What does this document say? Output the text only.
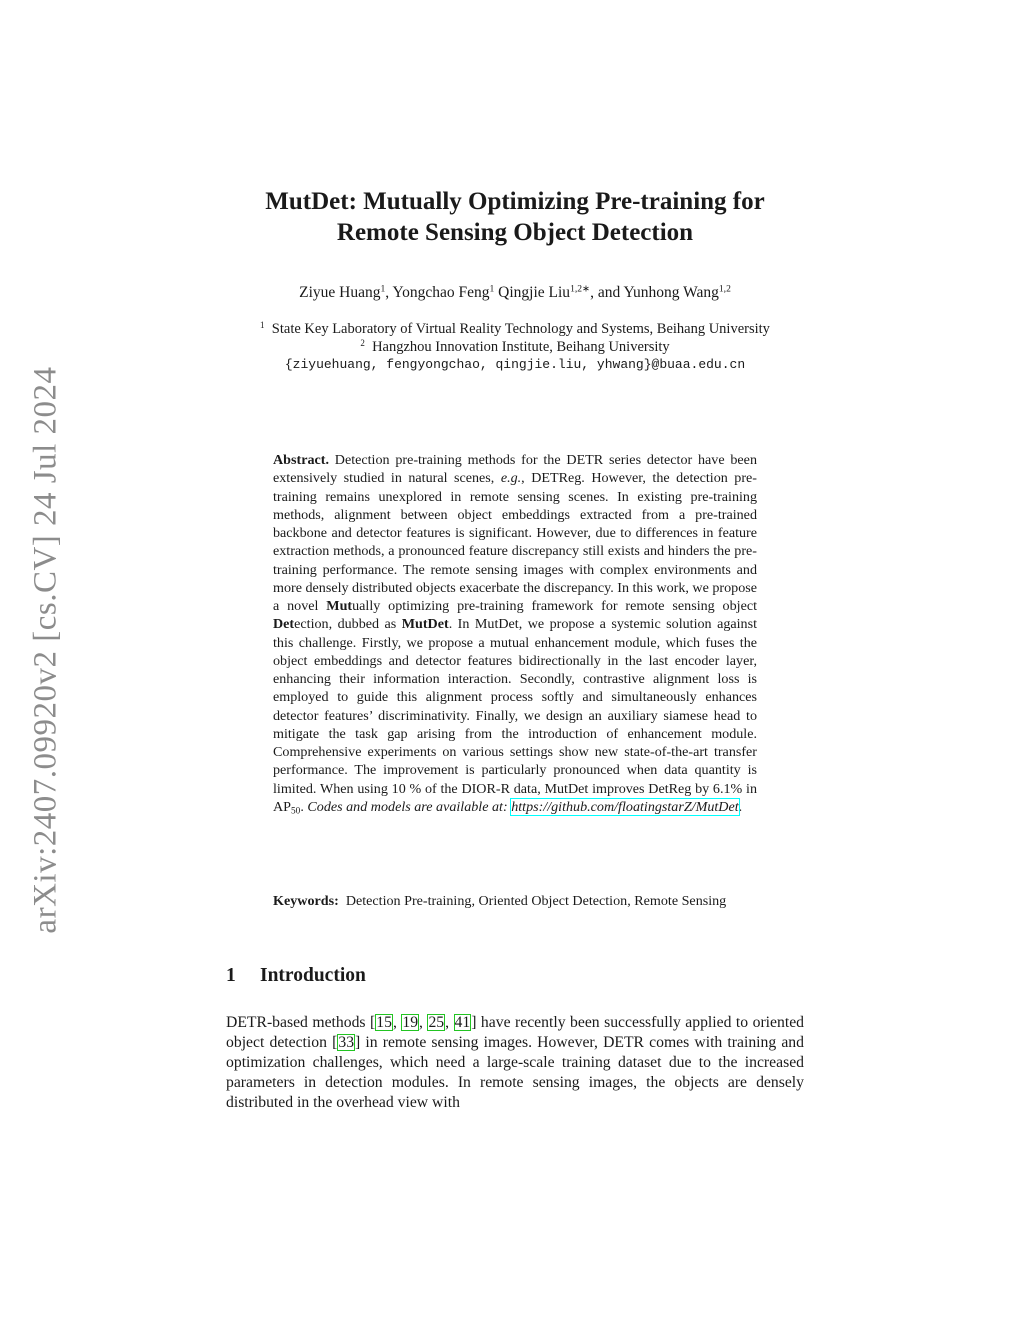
arXiv:2407.09920v2 [cs.CV] 24 Jul 2024
MutDet: Mutually Optimizing Pre-training for
Remote Sensing Object Detection
Ziyue Huang$^1$, Yongchao Feng$^1$ Qingjie Liu$^{1,2∗}$, and Yunhong Wang$^{1,2}$
$^1$ State Key Laboratory of Virtual Reality Technology and Systems, Beihang University
$^2$ Hangzhou Innovation Institute, Beihang University
{ziyuehuang, fengyongchao, qingjie.liu, yhwang}@buaa.edu.cn

Abstract. Detection pre-training methods for the DETR series detector have been extensively studied in natural scenes, e.g., DETReg. However, the detection pre-training remains unexplored in remote sensing scenes. In existing pre-training methods, alignment between object embeddings extracted from a pre-trained backbone and detector features is significant. However, due to differences in feature extraction methods, a pronounced feature discrepancy still exists and hinders the pre-training performance. The remote sensing images with complex environments and more densely distributed objects exacerbate the discrepancy. In this work, we propose a novel Mutually optimizing pre-training framework for remote sensing object Detection, dubbed as MutDet. In MutDet, we propose a systemic solution against this challenge. Firstly, we propose a mutual enhancement module, which fuses the object embeddings and detector features bidirectionally in the last encoder layer, enhancing their information interaction. Secondly, contrastive alignment loss is employed to guide this alignment process softly and simultaneously enhances detector features’ discriminativity. Finally, we design an auxiliary siamese head to mitigate the task gap arising from the introduction of enhancement module. Comprehensive experiments on various settings show new state-of-the-art transfer performance. The improvement is particularly pronounced when data quantity is limited. When using 10 % of the DIOR-R data, MutDet improves DetReg by 6.1% in $AP_{50}$. Codes and models are available at: https://github.com/floatingstarZ/MutDet.

Keywords: Detection Pre-training, Oriented Object Detection, Remote Sensing

1 Introduction

DETR-based methods [15, 19, 25, 41] have recently been successfully applied to oriented object detection [33] in remote sensing images. However, DETR comes with training and optimization challenges, which need a large-scale training dataset due to the increased parameters in detection modules. In remote sensing images, the objects are densely distributed in the overhead view with
